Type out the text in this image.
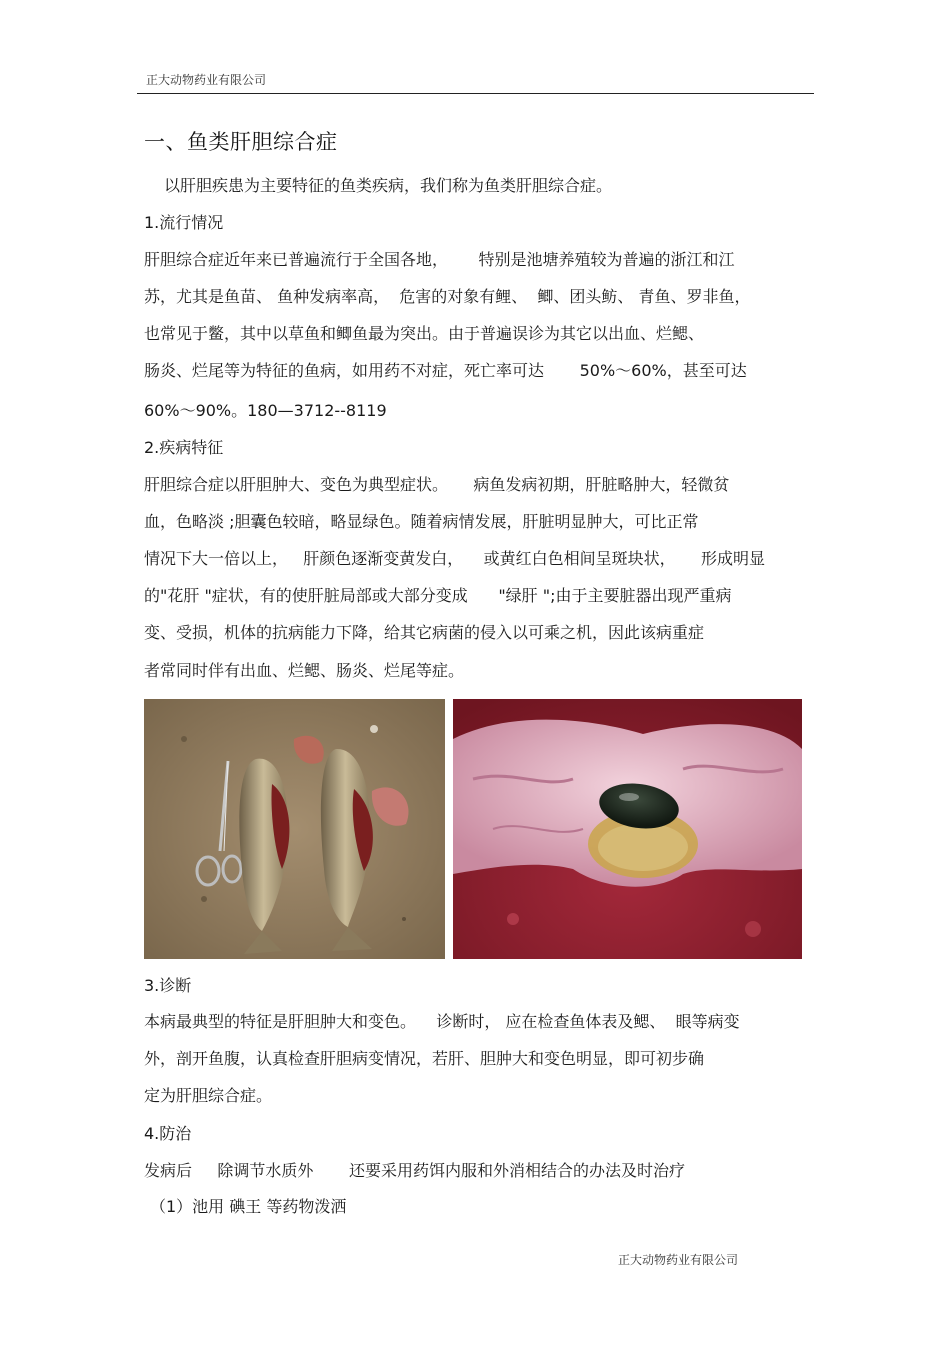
正大动物药业有限公司
一、鱼类肝胆综合症
以肝胆疾患为主要特征的鱼类疾病，我们称为鱼类肝胆综合症。
1.流行情况
肝胆综合症近年来已普遍流行于全国各地，      特别是池塘养殖较为普遍的浙江和江
苏，尤其是鱼苗、 鱼种发病率高，  危害的对象有鲤、  鲫、团头鲂、 青鱼、罗非鱼，
也常见于鳖，其中以草鱼和鲫鱼最为突出。由于普遍误诊为其它以出血、烂鳃、
肠炎、烂尾等为特征的鱼病，如用药不对症，死亡率可达       50%～60%，甚至可达
60%～90%。180—3712--8119
2.疾病特征
肝胆综合症以肝胆肿大、变色为典型症状。     病鱼发病初期，肝脏略肿大，轻微贫
血，色略淡 ;胆囊色较暗，略显绿色。随着病情发展，肝脏明显肿大，可比正常
情况下大一倍以上，   肝颜色逐渐变黄发白，    或黄红白色相间呈斑块状，     形成明显
的"花肝 "症状，有的使肝脏局部或大部分变成      "绿肝 ";由于主要脏器出现严重病
变、受损，机体的抗病能力下降，给其它病菌的侵入以可乘之机，因此该病重症
者常同时伴有出血、烂鳃、肠炎、烂尾等症。
3.诊断
本病最典型的特征是肝胆肿大和变色。    诊断时， 应在检查鱼体表及鳃、  眼等病变
外，剖开鱼腹，认真检查肝胆病变情况，若肝、胆肿大和变色明显，即可初步确
定为肝胆综合症。
4.防治
发病后     除调节水质外       还要采用药饵内服和外消相结合的办法及时治疗
（1）池用 碘王 等药物泼洒
正大动物药业有限公司
